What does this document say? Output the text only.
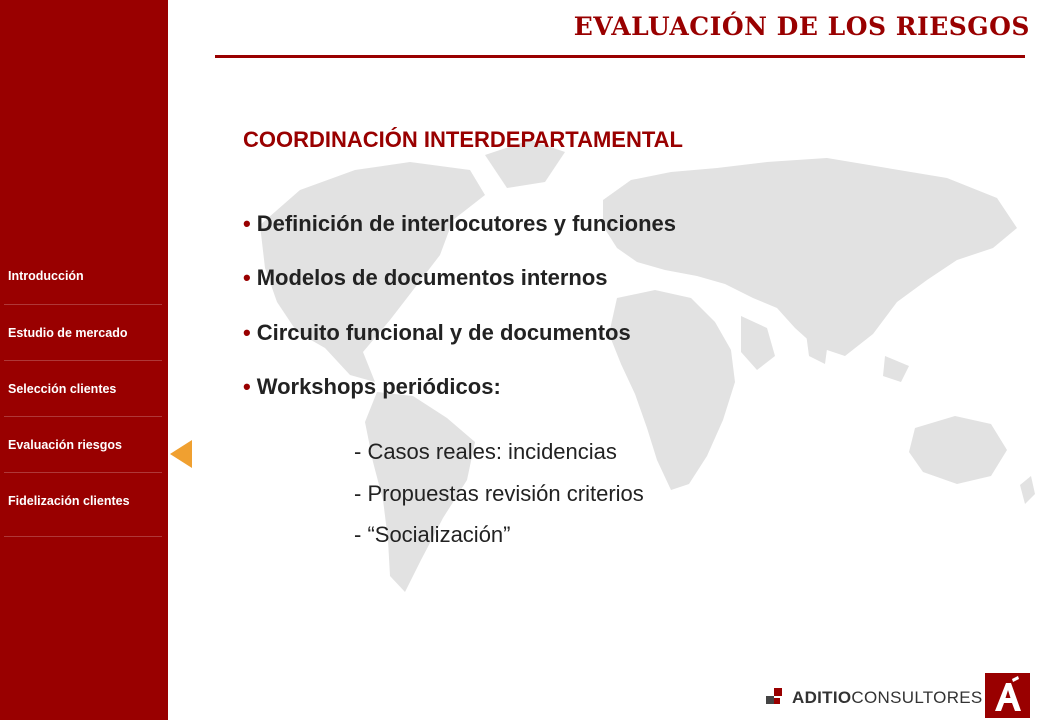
Introducción
Estudio de mercado
Selección clientes
Evaluación riesgos
Fidelización clientes
EVALUACIÓN DE LOS RIESGOS
COORDINACIÓN INTERDEPARTAMENTAL
• Definición de interlocutores y funciones
• Modelos de documentos internos
• Circuito funcional y de documentos
• Workshops periódicos:
- Casos reales: incidencias
- Propuestas revisión criterios
- “Socialización”
ADITIOCONSULTORES
